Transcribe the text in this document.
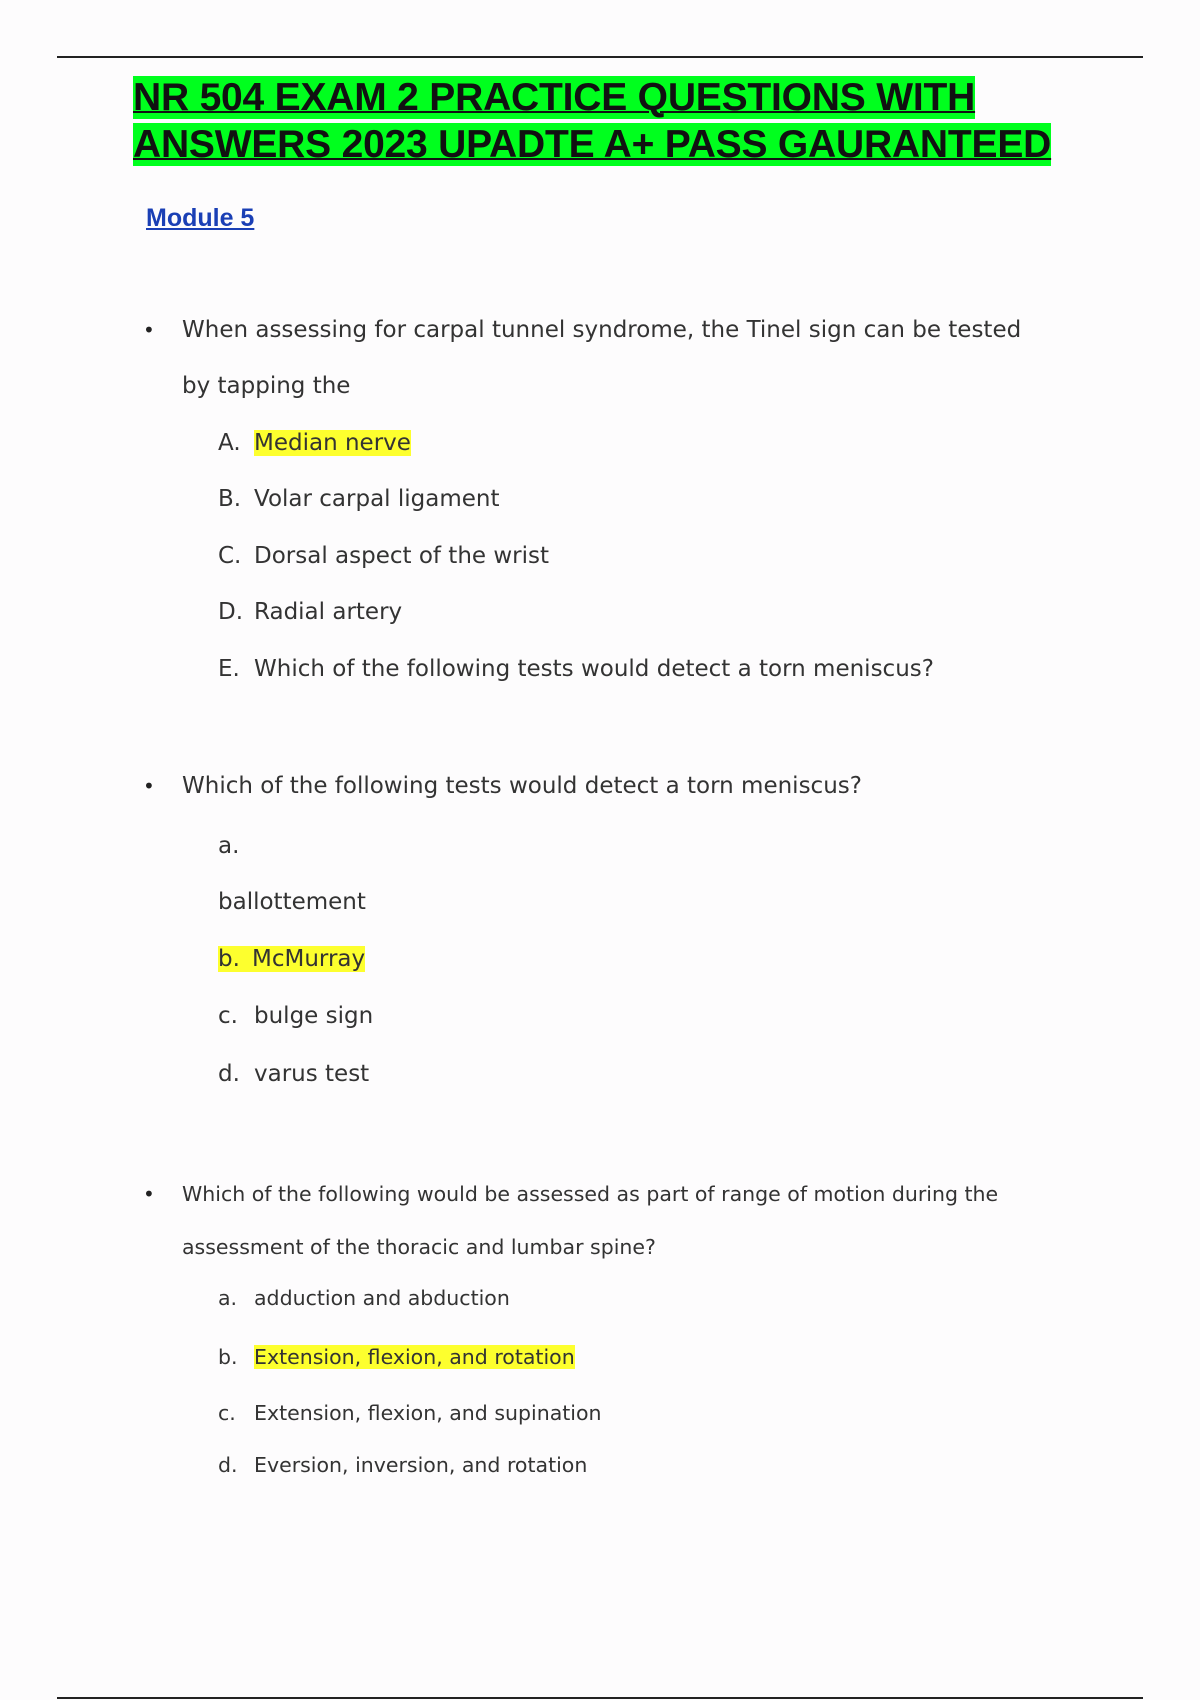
NR 504 EXAM 2 PRACTICE QUESTIONS WITH
ANSWERS 2023 UPADTE A+ PASS GAURANTEED
Module 5
• When assessing for carpal tunnel syndrome, the Tinel sign can be tested
by tapping the
A. Median nerve
B. Volar carpal ligament
C. Dorsal aspect of the wrist
D. Radial artery
E. Which of the following tests would detect a torn meniscus?
• Which of the following tests would detect a torn meniscus?
a.
ballottement
b. McMurray
c. bulge sign
d. varus test
• Which of the following would be assessed as part of range of motion during the
assessment of the thoracic and lumbar spine?
a. adduction and abduction
b. Extension, flexion, and rotation
c. Extension, flexion, and supination
d. Eversion, inversion, and rotation
